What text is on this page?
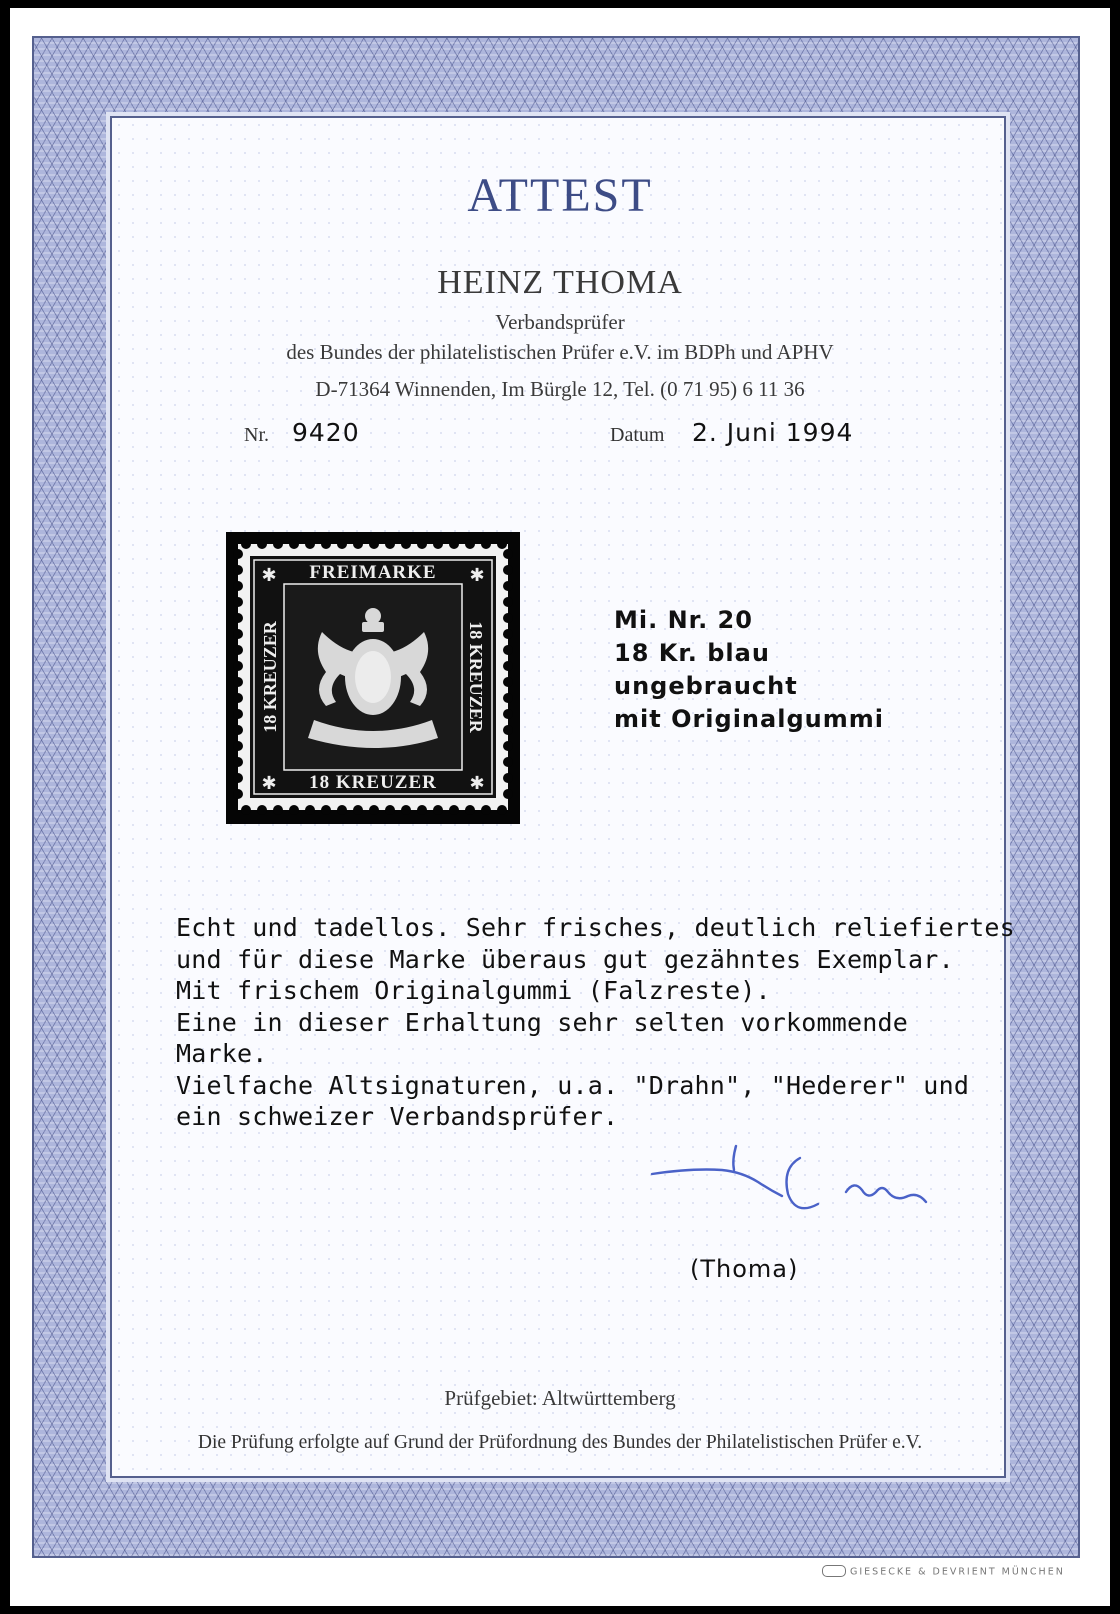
ATTEST
HEINZ THOMA
Verbandsprüfer
des Bundes der philatelistischen Prüfer e.V. im BDPh und APHV
D-71364 Winnenden, Im Bürgle 12, Tel. (0 71 95) 6 11 36
Nr. 9420	Datum 2. Juni 1994
✱	✱
✱	✱
FREIMARKE
18 KREUZER
18 KREUZER	18 KREUZER
Mi. Nr. 20
18 Kr. blau
ungebraucht
mit Originalgummi
Echt und tadellos. Sehr frisches, deutlich reliefiertes
und für diese Marke überaus gut gezähntes Exemplar.
Mit frischem Originalgummi (Falzreste).
Eine in dieser Erhaltung sehr selten vorkommende
Marke.
Vielfache Altsignaturen, u.a. "Drahn", "Hederer" und
ein schweizer Verbandsprüfer.
(Thoma)
Prüfgebiet: Altwürttemberg
Die Prüfung erfolgte auf Grund der Prüfordnung des Bundes der Philatelistischen Prüfer e.V.
GIESECKE & DEVRIENT MÜNCHEN
